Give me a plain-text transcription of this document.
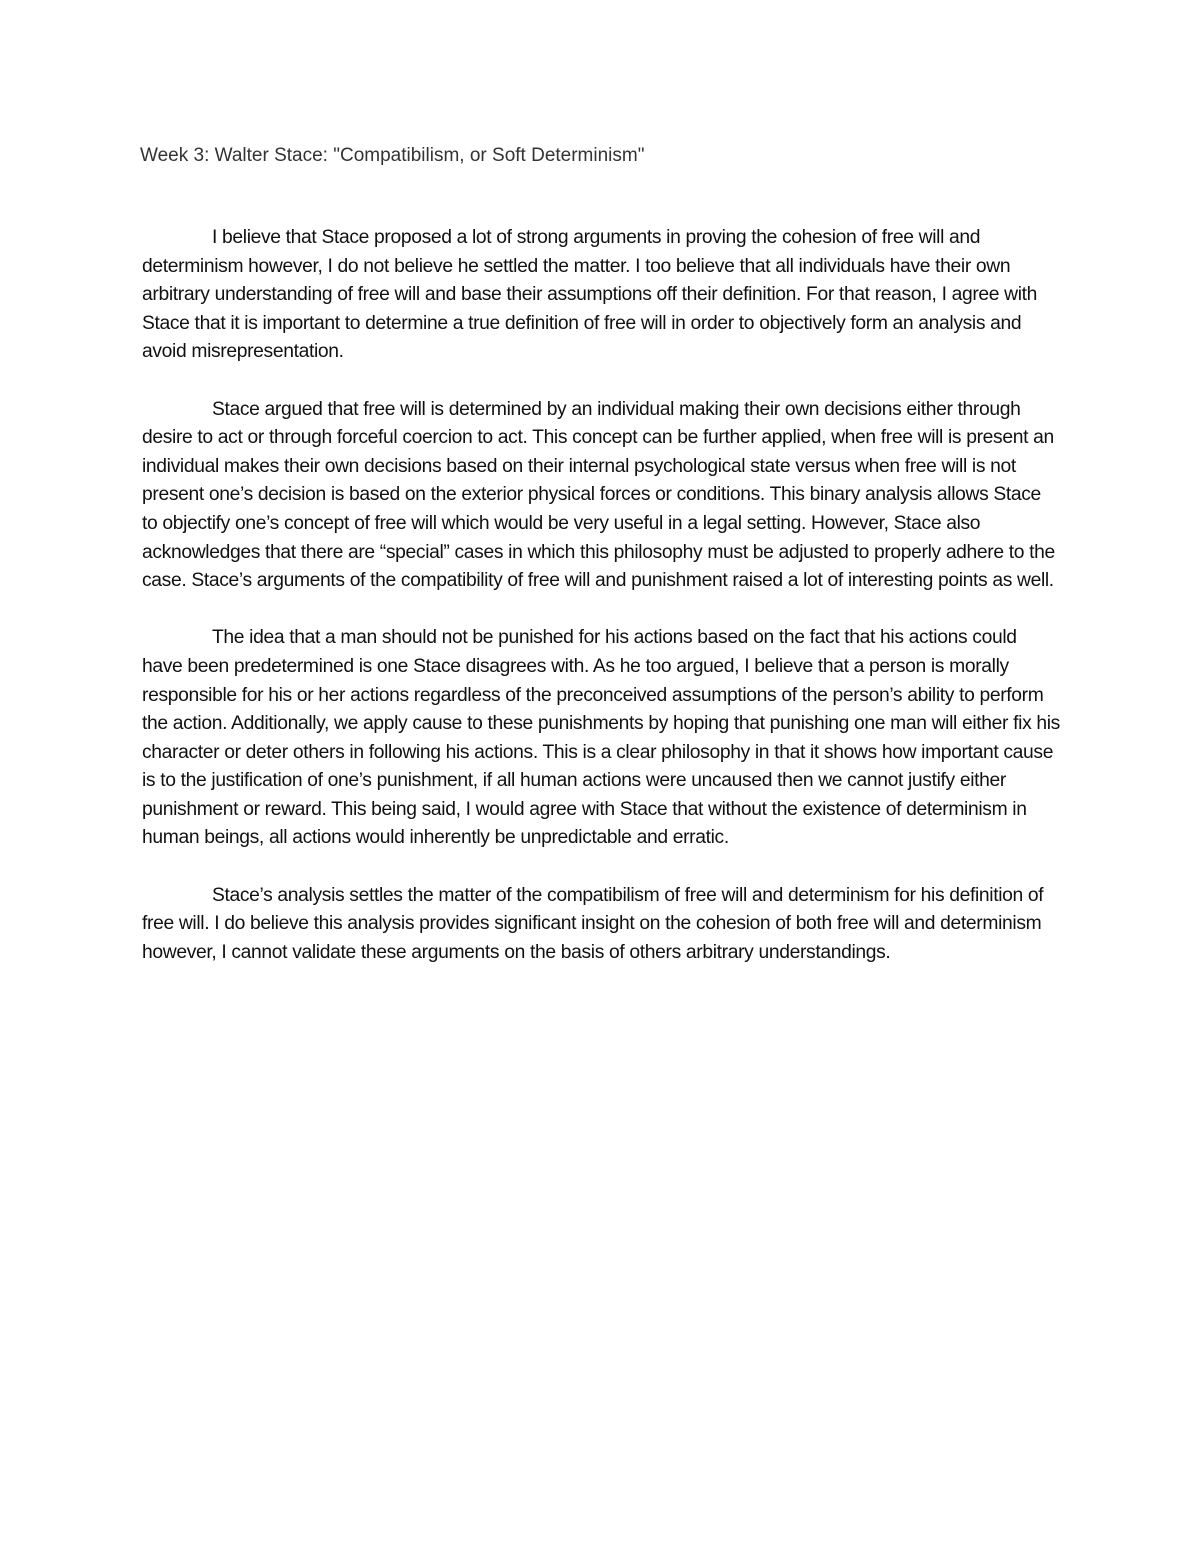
Week 3: Walter Stace: "Compatibilism, or Soft Determinism"

I believe that Stace proposed a lot of strong arguments in proving the cohesion of free will and determinism however, I do not believe he settled the matter. I too believe that all individuals have their own arbitrary understanding of free will and base their assumptions off their definition. For that reason, I agree with Stace that it is important to determine a true definition of free will in order to objectively form an analysis and avoid misrepresentation.

Stace argued that free will is determined by an individual making their own decisions either through desire to act or through forceful coercion to act. This concept can be further applied, when free will is present an individual makes their own decisions based on their internal psychological state versus when free will is not present one’s decision is based on the exterior physical forces or conditions. This binary analysis allows Stace to objectify one’s concept of free will which would be very useful in a legal setting. However, Stace also acknowledges that there are “special” cases in which this philosophy must be adjusted to properly adhere to the case. Stace’s arguments of the compatibility of free will and punishment raised a lot of interesting points as well.

The idea that a man should not be punished for his actions based on the fact that his actions could have been predetermined is one Stace disagrees with. As he too argued, I believe that a person is morally responsible for his or her actions regardless of the preconceived assumptions of the person’s ability to perform the action. Additionally, we apply cause to these punishments by hoping that punishing one man will either fix his character or deter others in following his actions. This is a clear philosophy in that it shows how important cause is to the justification of one’s punishment, if all human actions were uncaused then we cannot justify either punishment or reward. This being said, I would agree with Stace that without the existence of determinism in human beings, all actions would inherently be unpredictable and erratic.

Stace’s analysis settles the matter of the compatibilism of free will and determinism for his definition of free will. I do believe this analysis provides significant insight on the cohesion of both free will and determinism however, I cannot validate these arguments on the basis of others arbitrary understandings.
